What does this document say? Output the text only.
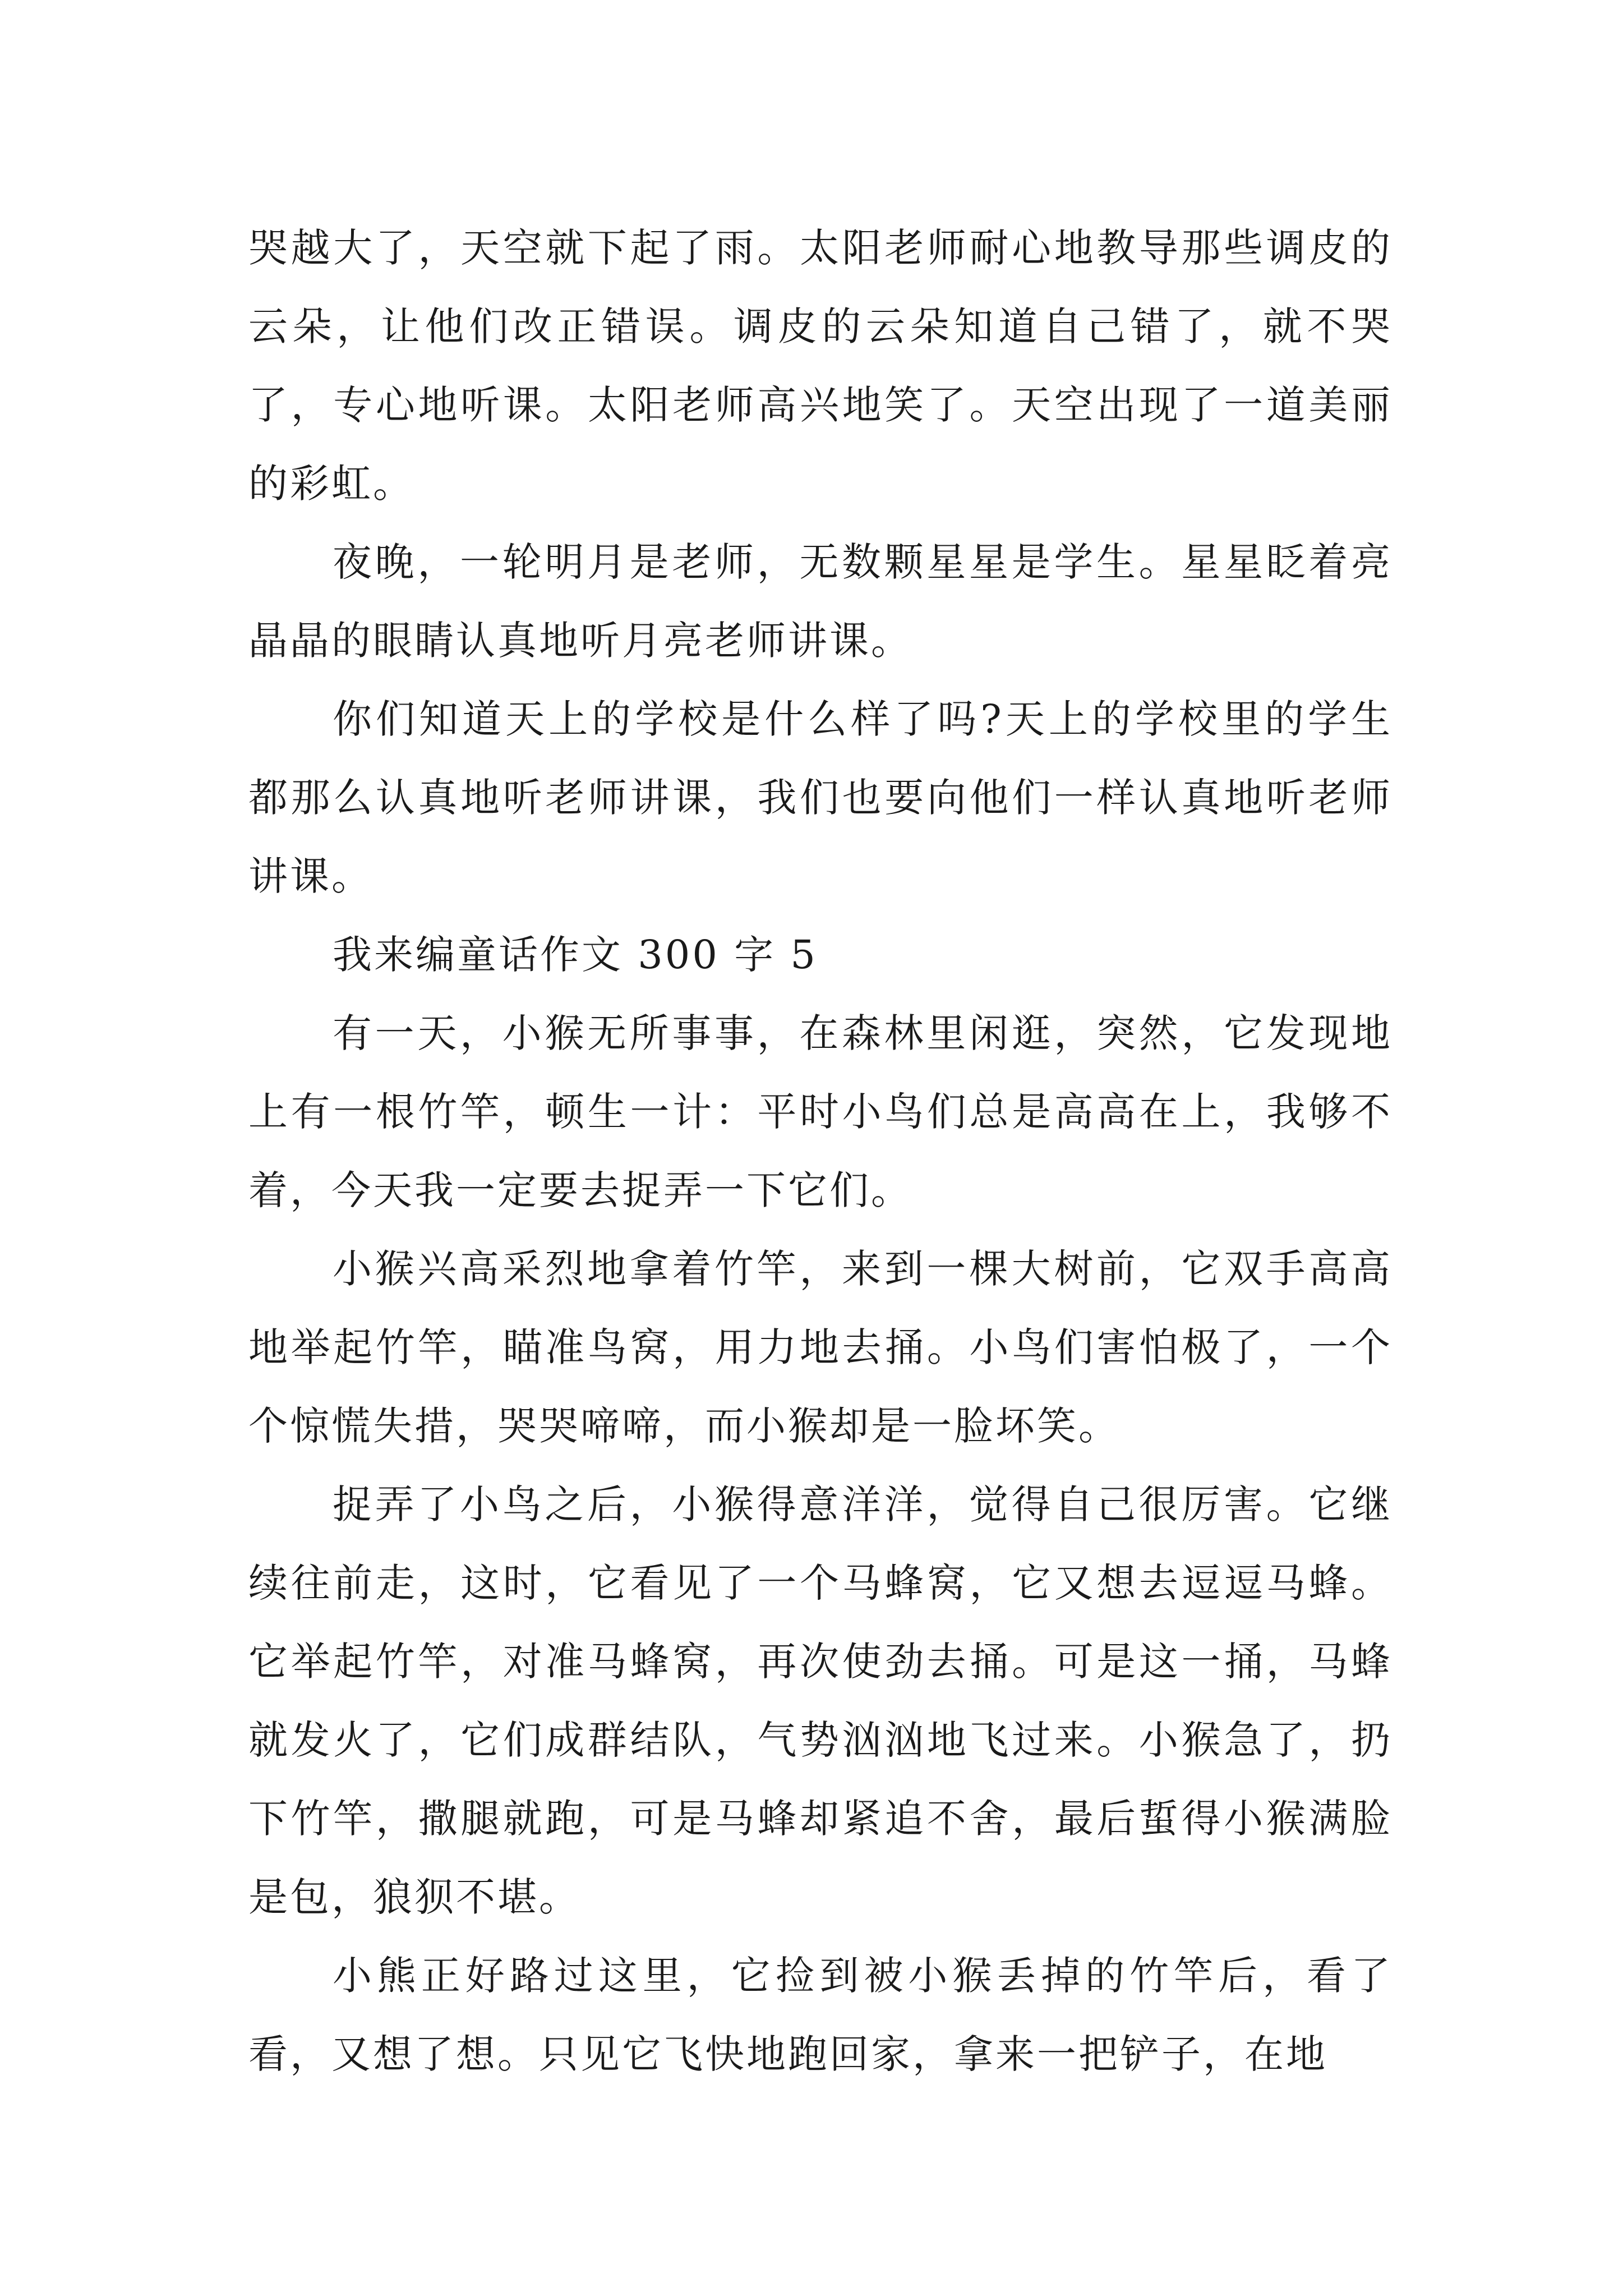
哭越大了，天空就下起了雨。太阳老师耐心地教导那些调皮的云朵，让他们改正错误。调皮的云朵知道自己错了，就不哭了，专心地听课。太阳老师高兴地笑了。天空出现了一道美丽的彩虹。

夜晚，一轮明月是老师，无数颗星星是学生。星星眨着亮晶晶的眼睛认真地听月亮老师讲课。

你们知道天上的学校是什么样了吗?天上的学校里的学生都那么认真地听老师讲课，我们也要向他们一样认真地听老师讲课。

我来编童话作文 300 字 5

有一天，小猴无所事事，在森林里闲逛，突然，它发现地上有一根竹竿，顿生一计：平时小鸟们总是高高在上，我够不着，今天我一定要去捉弄一下它们。

小猴兴高采烈地拿着竹竿，来到一棵大树前，它双手高高地举起竹竿，瞄准鸟窝，用力地去捅。小鸟们害怕极了，一个个惊慌失措，哭哭啼啼，而小猴却是一脸坏笑。

捉弄了小鸟之后，小猴得意洋洋，觉得自己很厉害。它继续往前走，这时，它看见了一个马蜂窝，它又想去逗逗马蜂。它举起竹竿，对准马蜂窝，再次使劲去捅。可是这一捅，马蜂就发火了，它们成群结队，气势汹汹地飞过来。小猴急了，扔下竹竿，撒腿就跑，可是马蜂却紧追不舍，最后蜇得小猴满脸是包，狼狈不堪。

小熊正好路过这里，它捡到被小猴丢掉的竹竿后，看了看，又想了想。只见它飞快地跑回家，拿来一把铲子，在地
